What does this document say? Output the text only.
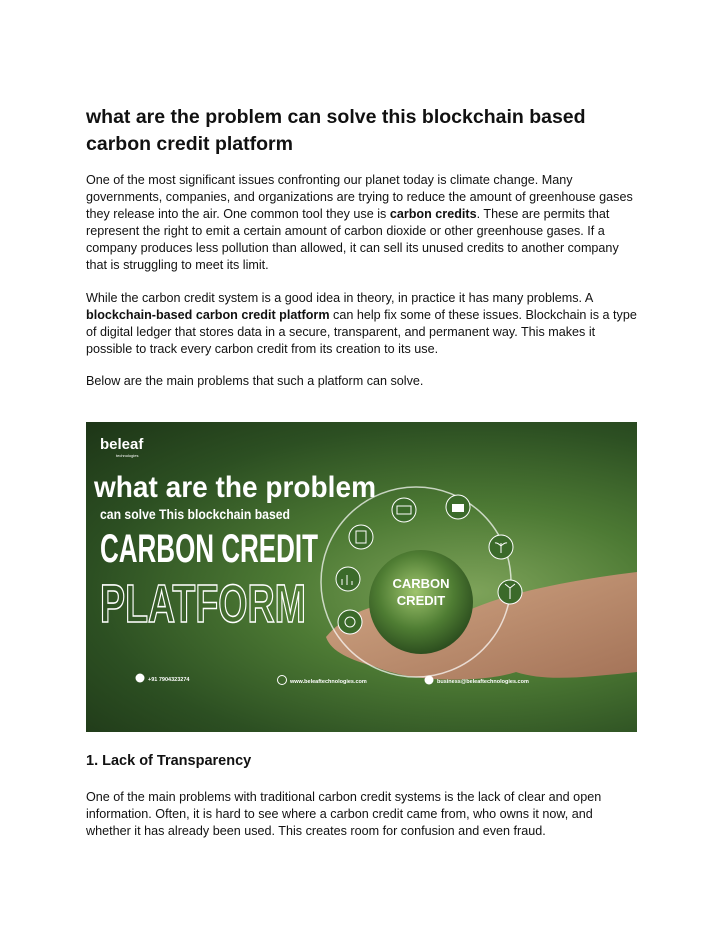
what are the problem can solve this blockchain based carbon credit platform

One of the most significant issues confronting our planet today is climate change. Many governments, companies, and organizations are trying to reduce the amount of greenhouse gases they release into the air. One common tool they use is carbon credits. These are permits that represent the right to emit a certain amount of carbon dioxide or other greenhouse gases. If a company produces less pollution than allowed, it can sell its unused credits to another company that is struggling to meet its limit.

While the carbon credit system is a good idea in theory, in practice it has many problems. A blockchain-based carbon credit platform can help fix some of these issues. Blockchain is a type of digital ledger that stores data in a secure, transparent, and permanent way. This makes it possible to track every carbon credit from its creation to its use.

Below are the main problems that such a platform can solve.

CARBON
CREDIT
beleaf
technologies
what are the problem
can solve This blockchain based
CARBON CREDIT
PLATFORM
+91 7904323274	www.beleaftechnologies.com	business@beleaftechnologies.com
1. Lack of Transparency

One of the main problems with traditional carbon credit systems is the lack of clear and open information. Often, it is hard to see where a carbon credit came from, who owns it now, and whether it has already been used. This creates room for confusion and even fraud.
